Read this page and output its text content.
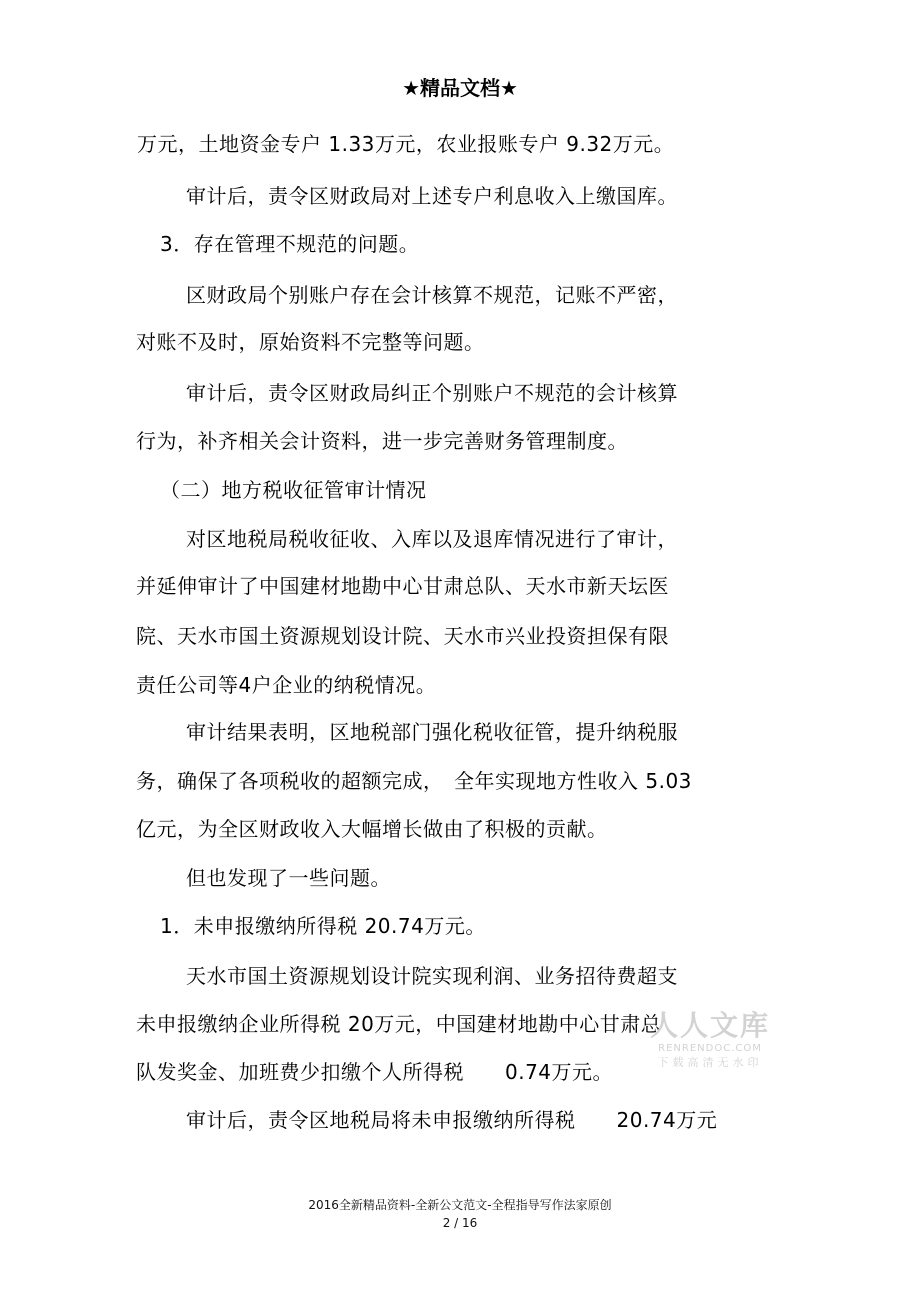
★精品文档★
万元，土地资金专户 1.33万元，农业报账专户 9.32万元。
审计后，责令区财政局对上述专户利息收入上缴国库。
3．存在管理不规范的问题。
区财政局个别账户存在会计核算不规范，记账不严密，
对账不及时，原始资料不完整等问题。
审计后，责令区财政局纠正个别账户不规范的会计核算
行为，补齐相关会计资料，进一步完善财务管理制度。
（二）地方税收征管审计情况
对区地税局税收征收、入库以及退库情况进行了审计，
并延伸审计了中国建材地勘中心甘肃总队、天水市新天坛医
院、天水市国土资源规划设计院、天水市兴业投资担保有限
责任公司等4户企业的纳税情况。
审计结果表明，区地税部门强化税收征管，提升纳税服
务，确保了各项税收的超额完成，　全年实现地方性收入 5.03
亿元，为全区财政收入大幅增长做由了积极的贡献。
但也发现了一些问题。
1．未申报缴纳所得税 20.74万元。
天水市国土资源规划设计院实现利润、业务招待费超支
未申报缴纳企业所得税 20万元，中国建材地勘中心甘肃总
队发奖金、加班费少扣缴个人所得税　　0.74万元。
审计后，责令区地税局将未申报缴纳所得税　　20.74万元
人人文库
RENRENDOC.COM
下载高清无水印
2016全新精品资料-全新公文范文-全程指导写作法家原创
2 / 16
